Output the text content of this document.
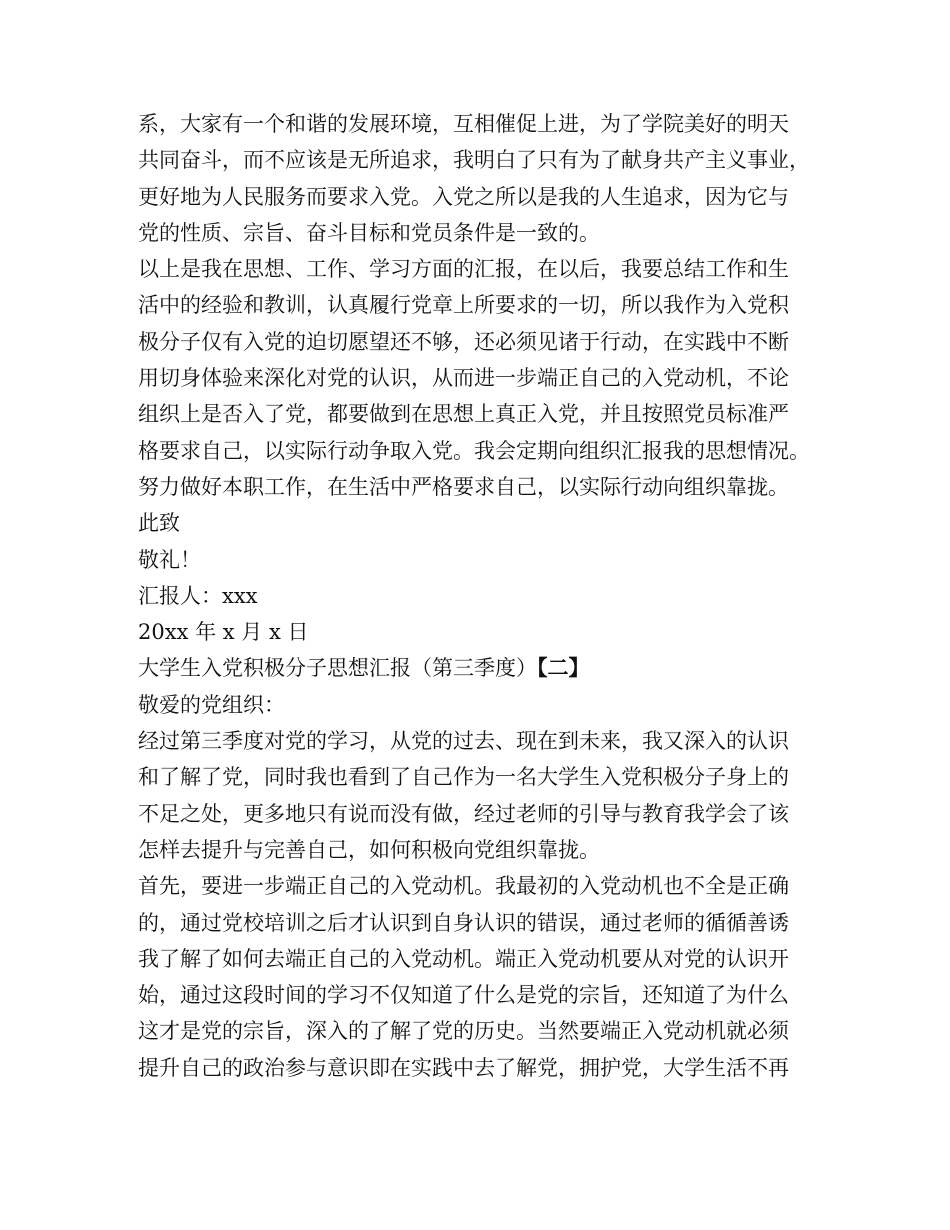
系，大家有一个和谐的发展环境，互相催促上进，为了学院美好的明天
共同奋斗，而不应该是无所追求，我明白了只有为了献身共产主义事业，
更好地为人民服务而要求入党。入党之所以是我的人生追求，因为它与
党的性质、宗旨、奋斗目标和党员条件是一致的。
以上是我在思想、工作、学习方面的汇报，在以后，我要总结工作和生
活中的经验和教训，认真履行党章上所要求的一切，所以我作为入党积
极分子仅有入党的迫切愿望还不够，还必须见诸于行动，在实践中不断
用切身体验来深化对党的认识，从而进一步端正自己的入党动机，不论
组织上是否入了党，都要做到在思想上真正入党，并且按照党员标准严
格要求自己，以实际行动争取入党。我会定期向组织汇报我的思想情况。
努力做好本职工作，在生活中严格要求自己，以实际行动向组织靠拢。
此致
敬礼！
汇报人：xxx
20xx 年 x 月 x 日
大学生入党积极分子思想汇报（第三季度）【二】
敬爱的党组织：
经过第三季度对党的学习，从党的过去、现在到未来，我又深入的认识
和了解了党，同时我也看到了自己作为一名大学生入党积极分子身上的
不足之处，更多地只有说而没有做，经过老师的引导与教育我学会了该
怎样去提升与完善自己，如何积极向党组织靠拢。
首先，要进一步端正自己的入党动机。我最初的入党动机也不全是正确
的，通过党校培训之后才认识到自身认识的错误，通过老师的循循善诱
我了解了如何去端正自己的入党动机。端正入党动机要从对党的认识开
始，通过这段时间的学习不仅知道了什么是党的宗旨，还知道了为什么
这才是党的宗旨，深入的了解了党的历史。当然要端正入党动机就必须
提升自己的政治参与意识即在实践中去了解党，拥护党，大学生活不再
